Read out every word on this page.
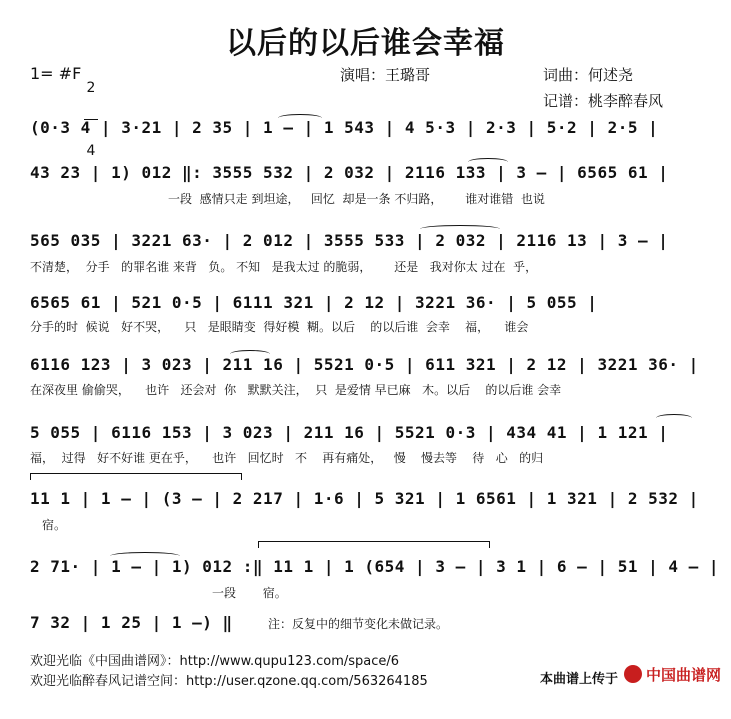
以后的以后谁会幸福
1= #F

2

4

演唱：王璐哥	词曲：何述尧
记谱：桃李醉春风
(0·3 4 | 3·21 | 2 35 | 1 – | 1 543 | 4 5·3 | 2·3 | 5·2 | 2·5 |
43 23 | 1) 012 ‖: 3555 532 | 2 032 | 2116 133 | 3 – | 6565 61 |
一段  感情只走 到坦途，   回忆  却是一条 不归路，      谁对谁错  也说
565 035 | 3221 63· | 2 012 | 3555 533 | 2 032 | 2116 13 | 3 – |
不清楚，  分手   的罪名谁 来背   负。 不知   是我太过 的脆弱，      还是   我对你太 过在  乎，
6565 61 | 521 0·5 | 6111 321 | 2 12 | 3221 36· | 5 055 |
分手的时  候说   好不哭，    只   是眼睛变  得好模  糊。以后    的以后谁  会幸    福，    谁会
6116 123 | 3 023 | 211 16 | 5521 0·5 | 611 321 | 2 12 | 3221 36· |
在深夜里 偷偷哭，    也许   还会对  你   默默关注，  只  是爱情 早已麻   木。以后    的以后谁 会幸
5 055 | 6116 153 | 3 023 | 211 16 | 5521 0·3 | 434 41 | 1 121 |
福，  过得   好不好谁 更在乎，    也许   回忆时   不    再有痛处，   慢    慢去等    待   心   的归
11 1 | 1 – | (3 – | 2 217 | 1·6 | 5 321 | 1 6561 | 1 321 | 2 532 |
宿。
2 71· | 1 – | 1) 012 :‖ 11 1 | 1 (654 | 3 – | 3 1 | 6 – | 51 | 4 – |
一段       宿。
7 32 | 1 25 | 1 –) ‖	注：反复中的细节变化未做记录。
欢迎光临《中国曲谱网》：http://www.qupu123.com/space/6
欢迎光临醉春风记谱空间：http://user.qzone.qq.com/563264185	本曲谱上传于

中国曲谱网
